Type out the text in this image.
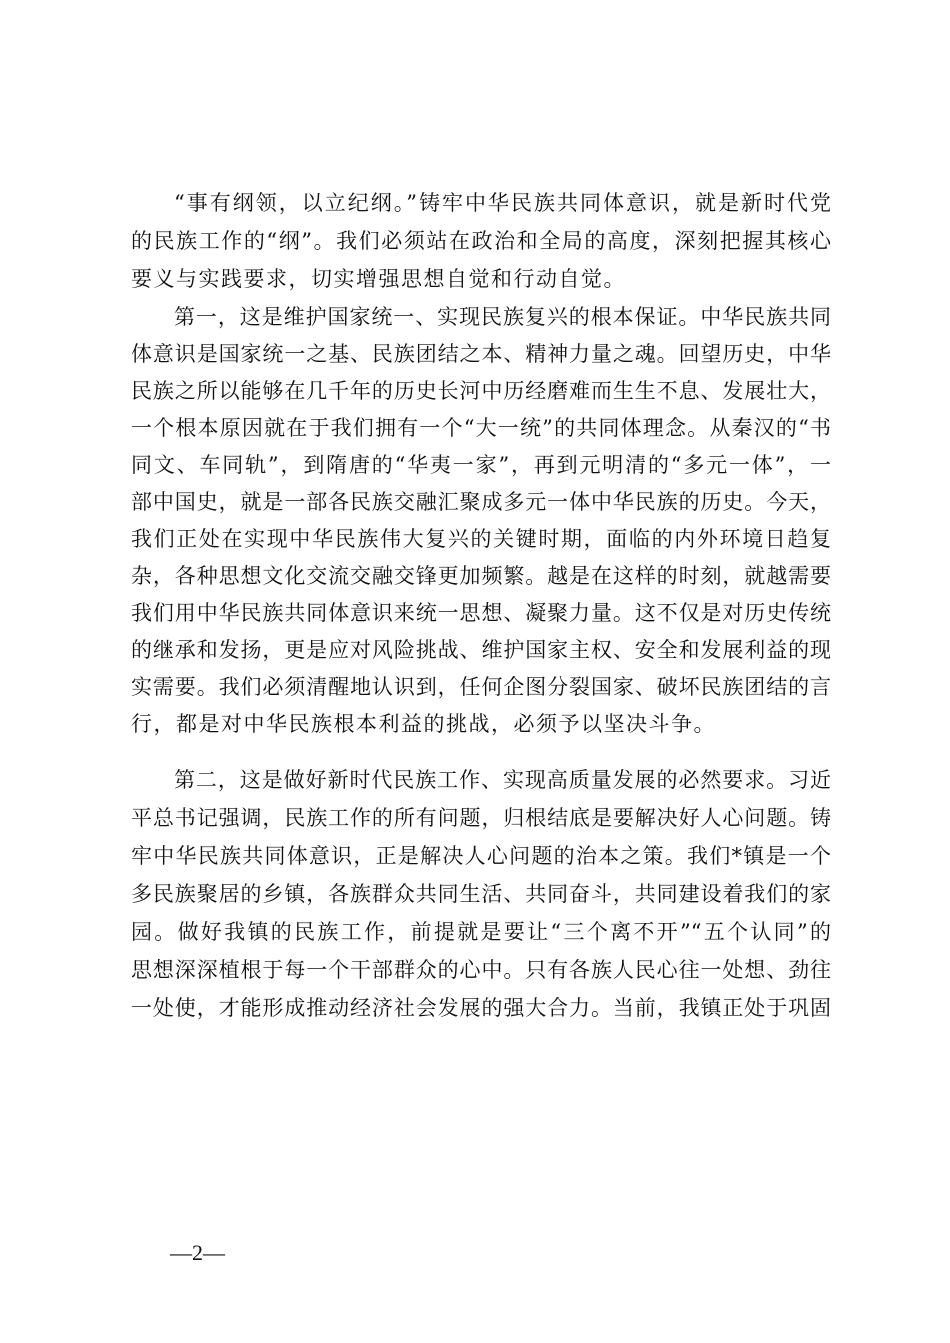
“事有纲领，以立纪纲。”铸牢中华民族共同体意识，就是新时代党
的民族工作的“纲”。我们必须站在政治和全局的高度，深刻把握其核心
要义与实践要求，切实增强思想自觉和行动自觉。
第一，这是维护国家统一、实现民族复兴的根本保证。中华民族共同
体意识是国家统一之基、民族团结之本、精神力量之魂。回望历史，中华
民族之所以能够在几千年的历史长河中历经磨难而生生不息、发展壮大，
一个根本原因就在于我们拥有一个“大一统”的共同体理念。从秦汉的“书
同文、车同轨”，到隋唐的“华夷一家”，再到元明清的“多元一体”，一
部中国史，就是一部各民族交融汇聚成多元一体中华民族的历史。今天，
我们正处在实现中华民族伟大复兴的关键时期，面临的内外环境日趋复
杂，各种思想文化交流交融交锋更加频繁。越是在这样的时刻，就越需要
我们用中华民族共同体意识来统一思想、凝聚力量。这不仅是对历史传统
的继承和发扬，更是应对风险挑战、维护国家主权、安全和发展利益的现
实需要。我们必须清醒地认识到，任何企图分裂国家、破坏民族团结的言
行，都是对中华民族根本利益的挑战，必须予以坚决斗争。
第二，这是做好新时代民族工作、实现高质量发展的必然要求。习近
平总书记强调，民族工作的所有问题，归根结底是要解决好人心问题。铸
牢中华民族共同体意识，正是解决人心问题的治本之策。我们*镇是一个
多民族聚居的乡镇，各族群众共同生活、共同奋斗，共同建设着我们的家
园。做好我镇的民族工作，前提就是要让“三个离不开”“五个认同”的
思想深深植根于每一个干部群众的心中。只有各族人民心往一处想、劲往
一处使，才能形成推动经济社会发展的强大合力。当前，我镇正处于巩固
—2—
